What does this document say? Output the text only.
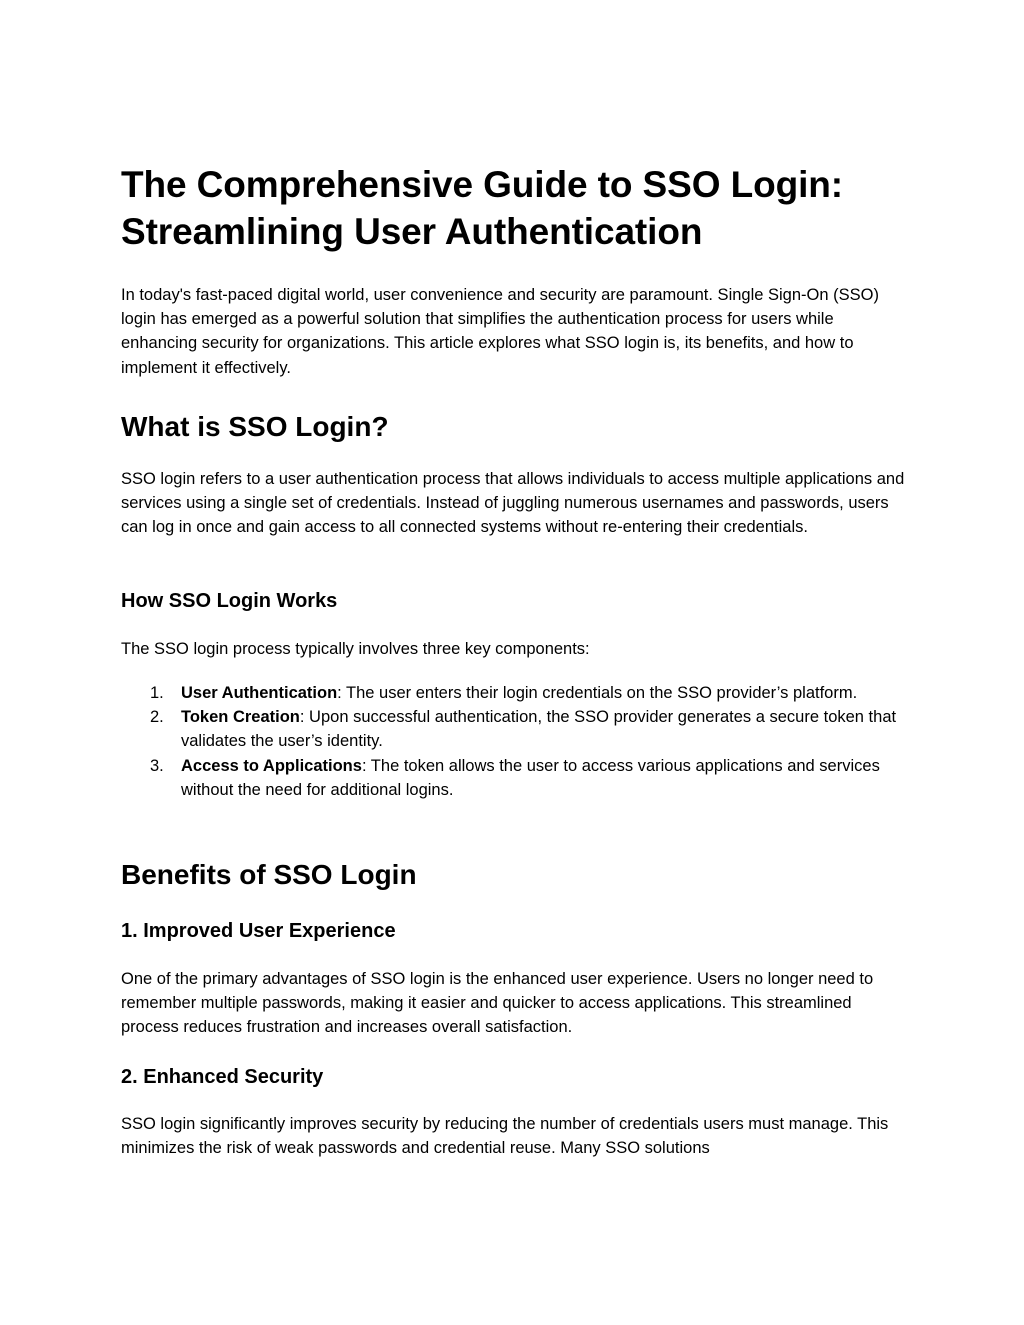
The Comprehensive Guide to SSO Login: Streamlining User Authentication

In today's fast-paced digital world, user convenience and security are paramount. Single Sign-On (SSO) login has emerged as a powerful solution that simplifies the authentication process for users while enhancing security for organizations. This article explores what SSO login is, its benefits, and how to implement it effectively.

What is SSO Login?

SSO login refers to a user authentication process that allows individuals to access multiple applications and services using a single set of credentials. Instead of juggling numerous usernames and passwords, users can log in once and gain access to all connected systems without re-entering their credentials.

How SSO Login Works

The SSO login process typically involves three key components:

1. User Authentication: The user enters their login credentials on the SSO provider’s platform.
2. Token Creation: Upon successful authentication, the SSO provider generates a secure token that validates the user’s identity.
3. Access to Applications: The token allows the user to access various applications and services without the need for additional logins.
Benefits of SSO Login
1. Improved User Experience

One of the primary advantages of SSO login is the enhanced user experience. Users no longer need to remember multiple passwords, making it easier and quicker to access applications. This streamlined process reduces frustration and increases overall satisfaction.

2. Enhanced Security

SSO login significantly improves security by reducing the number of credentials users must manage. This minimizes the risk of weak passwords and credential reuse. Many SSO solutions
